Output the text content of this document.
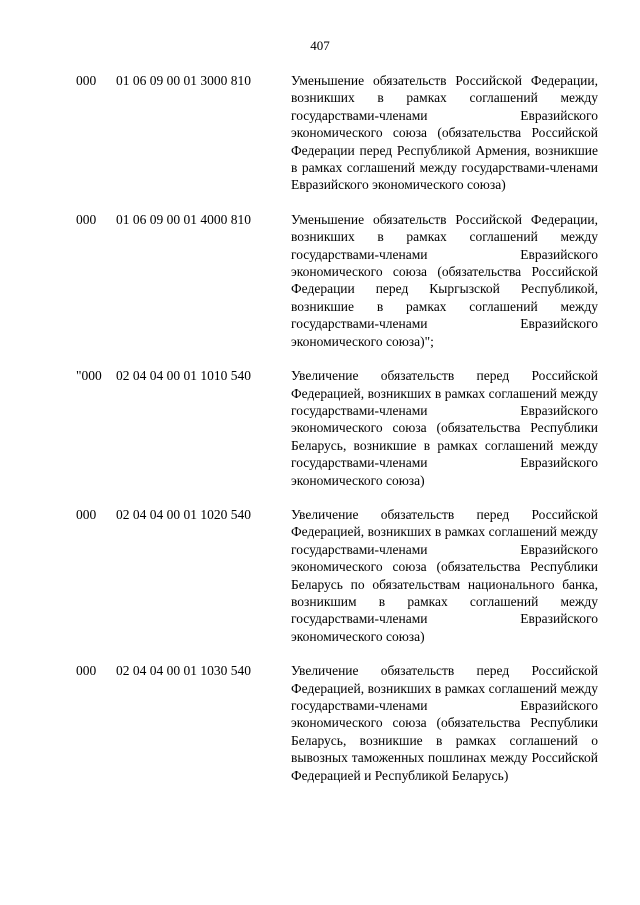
407
000	01 06 09 00 01 3000 810	Уменьшение обязательств Российской Федерации, возникших в рамках соглашений между государствами-членами Евразийского экономического союза (обязательства Российской Федерации перед Республикой Армения, возникшие в рамках соглашений между государствами-членами Евразийского экономического союза)
000	01 06 09 00 01 4000 810	Уменьшение обязательств Российской Федерации, возникших в рамках соглашений между государствами-членами Евразийского экономического союза (обязательства Российской Федерации перед Кыргызской Республикой, возникшие в рамках соглашений между государствами-членами Евразийского экономического союза)";
"000	02 04 04 00 01 1010 540	Увеличение обязательств перед Российской Федерацией, возникших в рамках соглашений между государствами-членами Евразийского экономического союза (обязательства Республики Беларусь, возникшие в рамках соглашений между государствами-членами Евразийского экономического союза)
000	02 04 04 00 01 1020 540	Увеличение обязательств перед Российской Федерацией, возникших в рамках соглашений между государствами-членами Евразийского экономического союза (обязательства Республики Беларусь по обязательствам национального банка, возникшим в рамках соглашений между государствами-членами Евразийского экономического союза)
000	02 04 04 00 01 1030 540	Увеличение обязательств перед Российской Федерацией, возникших в рамках соглашений между государствами-членами Евразийского экономического союза (обязательства Республики Беларусь, возникшие в рамках соглашений о вывозных таможенных пошлинах между Российской Федерацией и Республикой Беларусь)
